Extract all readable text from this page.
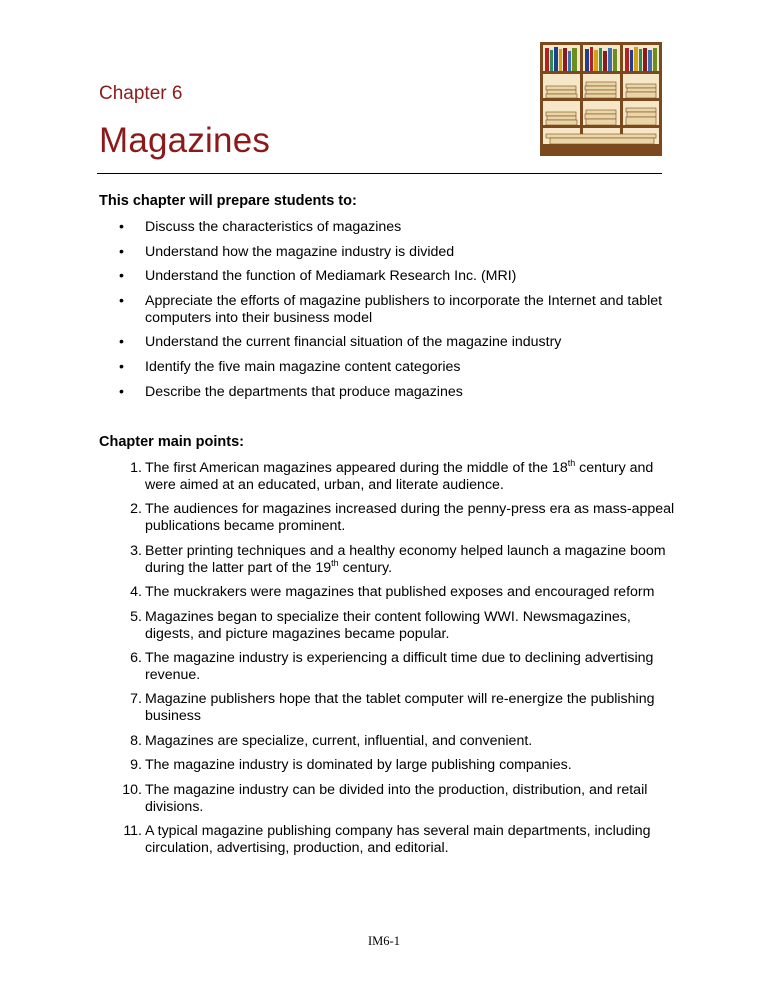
Chapter 6
Magazines
This chapter will prepare students to:
• Discuss the characteristics of magazines
• Understand how the magazine industry is divided
• Understand the function of Mediamark Research Inc. (MRI)
• Appreciate the efforts of magazine publishers to incorporate the Internet and tablet computers into their business model
• Understand the current financial situation of the magazine industry
• Identify the five main magazine content categories
• Describe the departments that produce magazines
Chapter main points:
1. The first American magazines appeared during the middle of the 18th century and were aimed at an educated, urban, and literate audience.
2. The audiences for magazines increased during the penny-press era as mass-appeal publications became prominent.
3. Better printing techniques and a healthy economy helped launch a magazine boom during the latter part of the 19th century.
4. The muckrakers were magazines that published exposes and encouraged reform
5. Magazines began to specialize their content following WWI. Newsmagazines, digests, and picture magazines became popular.
6. The magazine industry is experiencing a difficult time due to declining advertising revenue.
7. Magazine publishers hope that the tablet computer will re-energize the publishing business
8. Magazines are specialize, current, influential, and convenient.
9. The magazine industry is dominated by large publishing companies.
10. The magazine industry can be divided into the production, distribution, and retail divisions.
11. A typical magazine publishing company has several main departments, including circulation, advertising, production, and editorial.
IM6-1
